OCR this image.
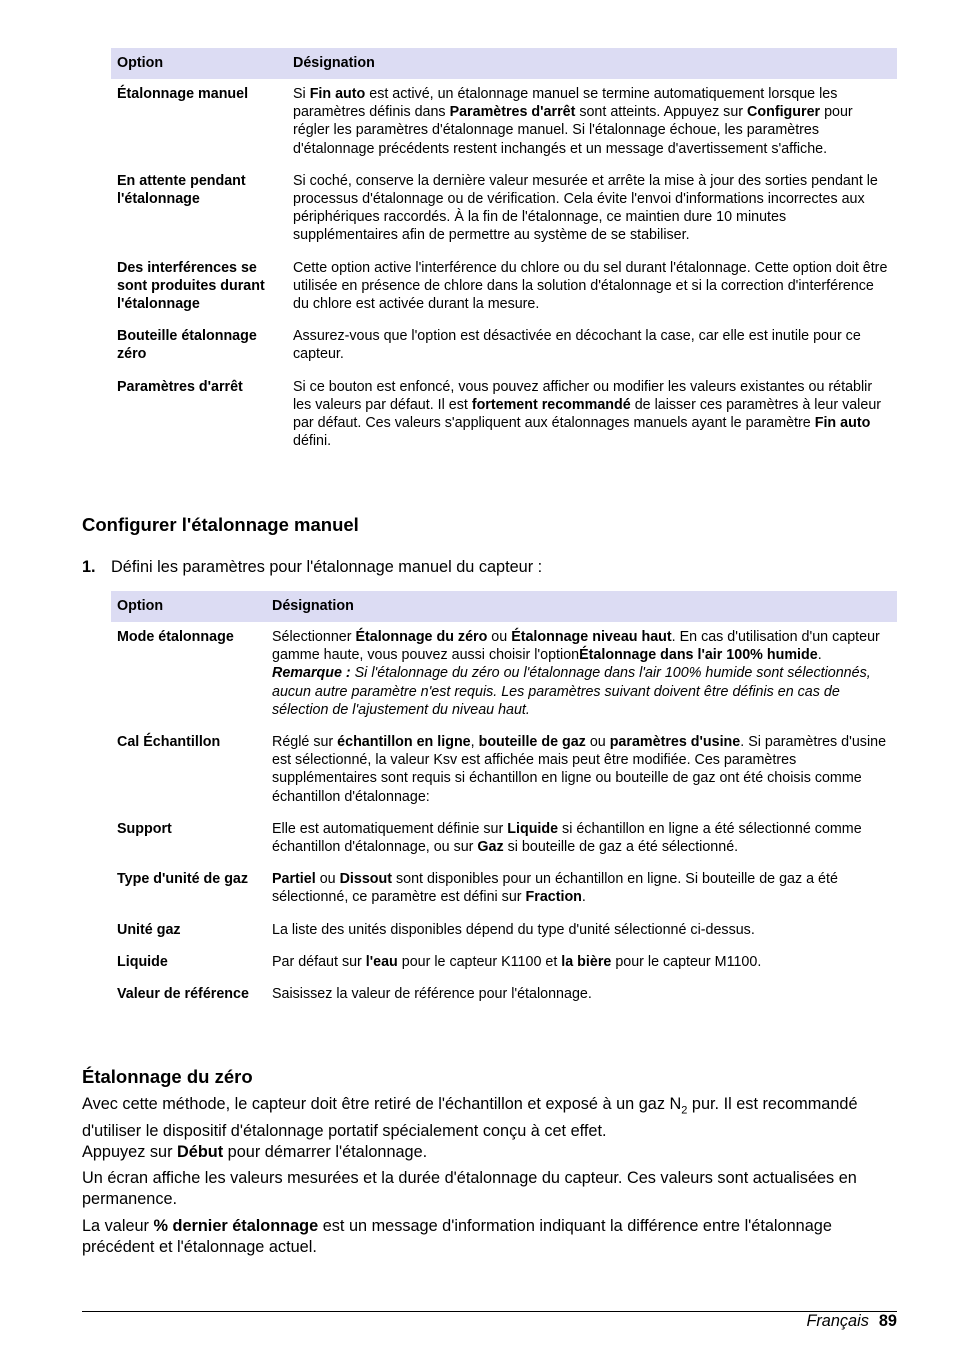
Option	Désignation
Étalonnage manuel	Si Fin auto est activé, un étalonnage manuel se termine automatiquement lorsque les paramètres définis dans Paramètres d'arrêt sont atteints. Appuyez sur Configurer pour régler les paramètres d'étalonnage manuel. Si l'étalonnage échoue, les paramètres d'étalonnage précédents restent inchangés et un message d'avertissement s'affiche.
En attente pendant l'étalonnage	Si coché, conserve la dernière valeur mesurée et arrête la mise à jour des sorties pendant le processus d'étalonnage ou de vérification. Cela évite l'envoi d'informations incorrectes aux périphériques raccordés. À la fin de l'étalonnage, ce maintien dure 10 minutes supplémentaires afin de permettre au système de se stabiliser.
Des interférences se sont produites durant l'étalonnage	Cette option active l'interférence du chlore ou du sel durant l'étalonnage. Cette option doit être utilisée en présence de chlore dans la solution d'étalonnage et si la correction d'interférence du chlore est activée durant la mesure.
Bouteille étalonnage zéro	Assurez-vous que l'option est désactivée en décochant la case, car elle est inutile pour ce capteur.
Paramètres d'arrêt	Si ce bouton est enfoncé, vous pouvez afficher ou modifier les valeurs existantes ou rétablir les valeurs par défaut. Il est fortement recommandé de laisser ces paramètres à leur valeur par défaut. Ces valeurs s'appliquent aux étalonnages manuels ayant le paramètre Fin auto défini.
Configurer l'étalonnage manuel
1. Défini les paramètres pour l'étalonnage manuel du capteur :
Option	Désignation
Mode étalonnage	Sélectionner Étalonnage du zéro ou Étalonnage niveau haut. En cas d'utilisation d'un capteur gamme haute, vous pouvez aussi choisir l'optionÉtalonnage dans l'air 100% humide.
Remarque : Si l'étalonnage du zéro ou l'étalonnage dans l'air 100% humide sont sélectionnés, aucun autre paramètre n'est requis. Les paramètres suivant doivent être définis en cas de sélection de l'ajustement du niveau haut.
Cal Échantillon	Réglé sur échantillon en ligne, bouteille de gaz ou paramètres d'usine. Si paramètres d'usine est sélectionné, la valeur Ksv est affichée mais peut être modifiée. Ces paramètres supplémentaires sont requis si échantillon en ligne ou bouteille de gaz ont été choisis comme échantillon d'étalonnage:
Support	Elle est automatiquement définie sur Liquide si échantillon en ligne a été sélectionné comme échantillon d'étalonnage, ou sur Gaz si bouteille de gaz a été sélectionné.
Type d'unité de gaz	Partiel ou Dissout sont disponibles pour un échantillon en ligne. Si bouteille de gaz a été sélectionné, ce paramètre est défini sur Fraction.
Unité gaz	La liste des unités disponibles dépend du type d'unité sélectionné ci-dessus.
Liquide	Par défaut sur l'eau pour le capteur K1100 et la bière pour le capteur M1100.
Valeur de référence	Saisissez la valeur de référence pour l'étalonnage.
Étalonnage du zéro

Avec cette méthode, le capteur doit être retiré de l'échantillon et exposé à un gaz $N_2$ pur. Il est recommandé d'utiliser le dispositif d'étalonnage portatif spécialement conçu à cet effet.

Appuyez sur Début pour démarrer l'étalonnage.

Un écran affiche les valeurs mesurées et la durée d'étalonnage du capteur. Ces valeurs sont actualisées en permanence.

La valeur % dernier étalonnage est un message d'information indiquant la différence entre l'étalonnage précédent et l'étalonnage actuel.

Français 89
